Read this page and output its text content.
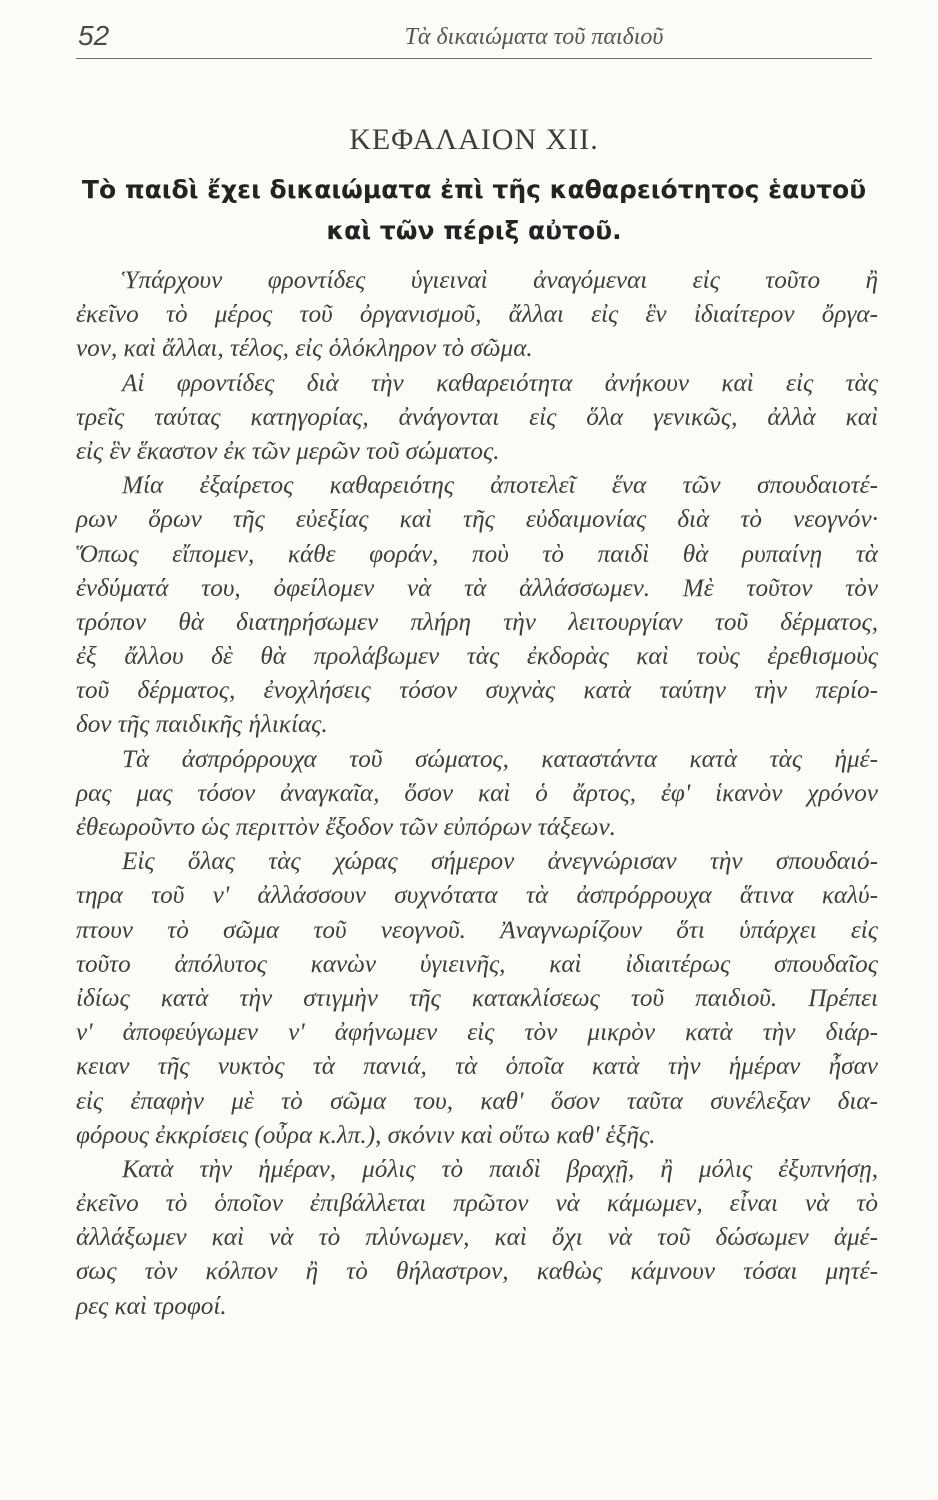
52	Τὰ δικαιώματα τοῦ παιδιοῦ
ΚΕΦΑΛΑΙΟΝ XII.
Τὸ παιδὶ ἔχει δικαιώματα ἐπὶ τῆς καθαρειότητος ἑαυτοῦ
καὶ τῶν πέριξ αὐτοῦ.
Ὑπάρχουν φροντίδες ὑγιειναὶ ἀναγόμεναι εἰς τοῦτο ἢ
ἐκεῖνο τὸ μέρος τοῦ ὀργανισμοῦ, ἄλλαι εἰς ἓν ἰδιαίτερον ὄργα-
νον, καὶ ἄλλαι, τέλος, εἰς ὁλόκληρον τὸ σῶμα.
Αἱ φροντίδες διὰ τὴν καθαρειότητα ἀνήκουν καὶ εἰς τὰς
τρεῖς ταύτας κατηγορίας, ἀνάγονται εἰς ὅλα γενικῶς, ἀλλὰ καὶ
εἰς ἓν ἕκαστον ἐκ τῶν μερῶν τοῦ σώματος.
Μία ἐξαίρετος καθαρειότης ἀποτελεῖ ἕνα τῶν σπουδαιοτέ-
ρων ὅρων τῆς εὐεξίας καὶ τῆς εὐδαιμονίας διὰ τὸ νεογνόν·
Ὅπως εἴπομεν, κάθε φοράν, ποὺ τὸ παιδὶ θὰ ρυπαίνῃ τὰ
ἐνδύματά του, ὀφείλομεν νὰ τὰ ἀλλάσσωμεν. Μὲ τοῦτον τὸν
τρόπον θὰ διατηρήσωμεν πλήρη τὴν λειτουργίαν τοῦ δέρματος,
ἐξ ἄλλου δὲ θὰ προλάβωμεν τὰς ἐκδορὰς καὶ τοὺς ἐρεθισμοὺς
τοῦ δέρματος, ἐνοχλήσεις τόσον συχνὰς κατὰ ταύτην τὴν περίο-
δον τῆς παιδικῆς ἡλικίας.
Τὰ ἀσπρόρρουχα τοῦ σώματος, καταστάντα κατὰ τὰς ἡμέ-
ρας μας τόσον ἀναγκαῖα, ὅσον καὶ ὁ ἄρτος, ἐφ' ἱκανὸν χρόνον
ἐθεωροῦντο ὡς περιττὸν ἔξοδον τῶν εὐπόρων τάξεων.
Εἰς ὅλας τὰς χώρας σήμερον ἀνεγνώρισαν τὴν σπουδαιό-
τηρα τοῦ ν' ἀλλάσσουν συχνότατα τὰ ἀσπρόρρουχα ἅτινα καλύ-
πτουν τὸ σῶμα τοῦ νεογνοῦ. Ἀναγνωρίζουν ὅτι ὑπάρχει εἰς
τοῦτο ἀπόλυτος κανὼν ὑγιεινῆς, καὶ ἰδιαιτέρως σπουδαῖος
ἰδίως κατὰ τὴν στιγμὴν τῆς κατακλίσεως τοῦ παιδιοῦ. Πρέπει
ν' ἀποφεύγωμεν ν' ἀφήνωμεν εἰς τὸν μικρὸν κατὰ τὴν διάρ-
κειαν τῆς νυκτὸς τὰ πανιά, τὰ ὁποῖα κατὰ τὴν ἡμέραν ἦσαν
εἰς ἐπαφὴν μὲ τὸ σῶμα του, καθ' ὅσον ταῦτα συνέλεξαν δια-
φόρους ἐκκρίσεις (οὖρα κ.λπ.), σκόνιν καὶ οὕτω καθ' ἑξῆς.
Κατὰ τὴν ἡμέραν, μόλις τὸ παιδὶ βραχῇ, ἢ μόλις ἐξυπνήσῃ,
ἐκεῖνο τὸ ὁποῖον ἐπιβάλλεται πρῶτον νὰ κάμωμεν, εἶναι νὰ τὸ
ἀλλάξωμεν καὶ νὰ τὸ πλύνωμεν, καὶ ὄχι νὰ τοῦ δώσωμεν ἀμέ-
σως τὸν κόλπον ἢ τὸ θήλαστρον, καθὼς κάμνουν τόσαι μητέ-
ρες καὶ τροφοί.
